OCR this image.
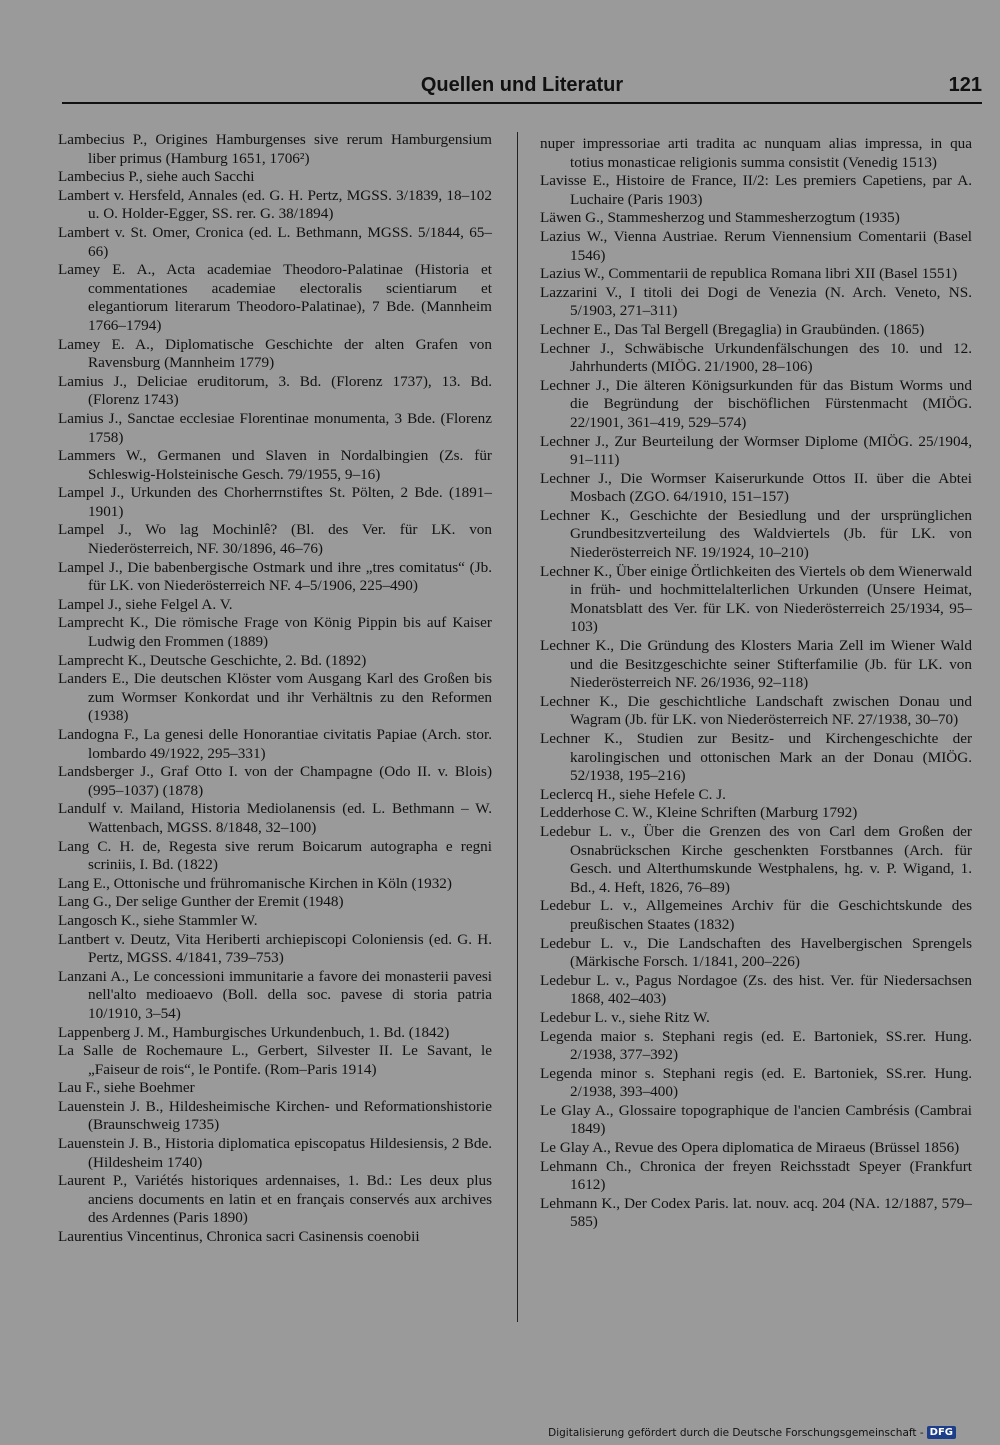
Quellen und Literatur	121
Lambecius P., Origines Hamburgenses sive rerum Hamburgensium liber primus (Hamburg 1651, 1706²)
Lambecius P., siehe auch Sacchi
Lambert v. Hersfeld, Annales (ed. G. H. Pertz, MGSS. 3/1839, 18–102 u. O. Holder-Egger, SS. rer. G. 38/1894)
Lambert v. St. Omer, Cronica (ed. L. Bethmann, MGSS. 5/1844, 65–66)
Lamey E. A., Acta academiae Theodoro-Palatinae (Historia et commentationes academiae electoralis scientiarum et elegantiorum literarum Theodoro-Palatinae), 7 Bde. (Mannheim 1766–1794)
Lamey E. A., Diplomatische Geschichte der alten Grafen von Ravensburg (Mannheim 1779)
Lamius J., Deliciae eruditorum, 3. Bd. (Florenz 1737), 13. Bd. (Florenz 1743)
Lamius J., Sanctae ecclesiae Florentinae monumenta, 3 Bde. (Florenz 1758)
Lammers W., Germanen und Slaven in Nordalbingien (Zs. für Schleswig-Holsteinische Gesch. 79/1955, 9–16)
Lampel J., Urkunden des Chorherrnstiftes St. Pölten, 2 Bde. (1891–1901)
Lampel J., Wo lag Mochinlê? (Bl. des Ver. für LK. von Niederösterreich, NF. 30/1896, 46–76)
Lampel J., Die babenbergische Ostmark und ihre „tres comitatus“ (Jb. für LK. von Niederösterreich NF. 4–5/1906, 225–490)
Lampel J., siehe Felgel A. V.
Lamprecht K., Die römische Frage von König Pippin bis auf Kaiser Ludwig den Frommen (1889)
Lamprecht K., Deutsche Geschichte, 2. Bd. (1892)
Landers E., Die deutschen Klöster vom Ausgang Karl des Großen bis zum Wormser Konkordat und ihr Verhältnis zu den Reformen (1938)
Landogna F., La genesi delle Honorantiae civitatis Papiae (Arch. stor. lombardo 49/1922, 295–331)
Landsberger J., Graf Otto I. von der Champagne (Odo II. v. Blois) (995–1037) (1878)
Landulf v. Mailand, Historia Mediolanensis (ed. L. Bethmann – W. Wattenbach, MGSS. 8/1848, 32–100)
Lang C. H. de, Regesta sive rerum Boicarum autographa e regni scriniis, I. Bd. (1822)
Lang E., Ottonische und frühromanische Kirchen in Köln (1932)
Lang G., Der selige Gunther der Eremit (1948)
Langosch K., siehe Stammler W.
Lantbert v. Deutz, Vita Heriberti archiepiscopi Coloniensis (ed. G. H. Pertz, MGSS. 4/1841, 739–753)
Lanzani A., Le concessioni immunitarie a favore dei monasterii pavesi nell'alto medioaevo (Boll. della soc. pavese di storia patria 10/1910, 3–54)
Lappenberg J. M., Hamburgisches Urkundenbuch, 1. Bd. (1842)
La Salle de Rochemaure L., Gerbert, Silvester II. Le Savant, le „Faiseur de rois“, le Pontife. (Rom–Paris 1914)
Lau F., siehe Boehmer
Lauenstein J. B., Hildesheimische Kirchen- und Reformationshistorie (Braunschweig 1735)
Lauenstein J. B., Historia diplomatica episcopatus Hildesiensis, 2 Bde. (Hildesheim 1740)
Laurent P., Variétés historiques ardennaises, 1. Bd.: Les deux plus anciens documents en latin et en français conservés aux archives des Ardennes (Paris 1890)
Laurentius Vincentinus, Chronica sacri Casinensis coenobii
nuper impressoriae arti tradita ac nunquam alias impressa, in qua totius monasticae religionis summa consistit (Venedig 1513)
Lavisse E., Histoire de France, II/2: Les premiers Capetiens, par A. Luchaire (Paris 1903)
Läwen G., Stammesherzog und Stammesherzogtum (1935)
Lazius W., Vienna Austriae. Rerum Viennensium Comentarii (Basel 1546)
Lazius W., Commentarii de republica Romana libri XII (Basel 1551)
Lazzarini V., I titoli dei Dogi de Venezia (N. Arch. Veneto, NS. 5/1903, 271–311)
Lechner E., Das Tal Bergell (Bregaglia) in Graubünden. (1865)
Lechner J., Schwäbische Urkundenfälschungen des 10. und 12. Jahrhunderts (MIÖG. 21/1900, 28–106)
Lechner J., Die älteren Königsurkunden für das Bistum Worms und die Begründung der bischöflichen Fürstenmacht (MIÖG. 22/1901, 361–419, 529–574)
Lechner J., Zur Beurteilung der Wormser Diplome (MIÖG. 25/1904, 91–111)
Lechner J., Die Wormser Kaiserurkunde Ottos II. über die Abtei Mosbach (ZGO. 64/1910, 151–157)
Lechner K., Geschichte der Besiedlung und der ursprünglichen Grundbesitzverteilung des Waldviertels (Jb. für LK. von Niederösterreich NF. 19/1924, 10–210)
Lechner K., Über einige Örtlichkeiten des Viertels ob dem Wienerwald in früh- und hochmittelalterlichen Urkunden (Unsere Heimat, Monatsblatt des Ver. für LK. von Niederösterreich 25/1934, 95–103)
Lechner K., Die Gründung des Klosters Maria Zell im Wiener Wald und die Besitzgeschichte seiner Stifterfamilie (Jb. für LK. von Niederösterreich NF. 26/1936, 92–118)
Lechner K., Die geschichtliche Landschaft zwischen Donau und Wagram (Jb. für LK. von Niederösterreich NF. 27/1938, 30–70)
Lechner K., Studien zur Besitz- und Kirchengeschichte der karolingischen und ottonischen Mark an der Donau (MIÖG. 52/1938, 195–216)
Leclercq H., siehe Hefele C. J.
Ledderhose C. W., Kleine Schriften (Marburg 1792)
Ledebur L. v., Über die Grenzen des von Carl dem Großen der Osnabrückschen Kirche geschenkten Forstbannes (Arch. für Gesch. und Alterthumskunde Westphalens, hg. v. P. Wigand, 1. Bd., 4. Heft, 1826, 76–89)
Ledebur L. v., Allgemeines Archiv für die Geschichtskunde des preußischen Staates (1832)
Ledebur L. v., Die Landschaften des Havelbergischen Sprengels (Märkische Forsch. 1/1841, 200–226)
Ledebur L. v., Pagus Nordagoe (Zs. des hist. Ver. für Niedersachsen 1868, 402–403)
Ledebur L. v., siehe Ritz W.
Legenda maior s. Stephani regis (ed. E. Bartoniek, SS.rer. Hung. 2/1938, 377–392)
Legenda minor s. Stephani regis (ed. E. Bartoniek, SS.rer. Hung. 2/1938, 393–400)
Le Glay A., Glossaire topographique de l'ancien Cambrésis (Cambrai 1849)
Le Glay A., Revue des Opera diplomatica de Miraeus (Brüssel 1856)
Lehmann Ch., Chronica der freyen Reichsstadt Speyer (Frankfurt 1612)
Lehmann K., Der Codex Paris. lat. nouv. acq. 204 (NA. 12/1887, 579–585)
Digitalisierung gefördert durch die Deutsche Forschungsgemeinschaft - DFG
